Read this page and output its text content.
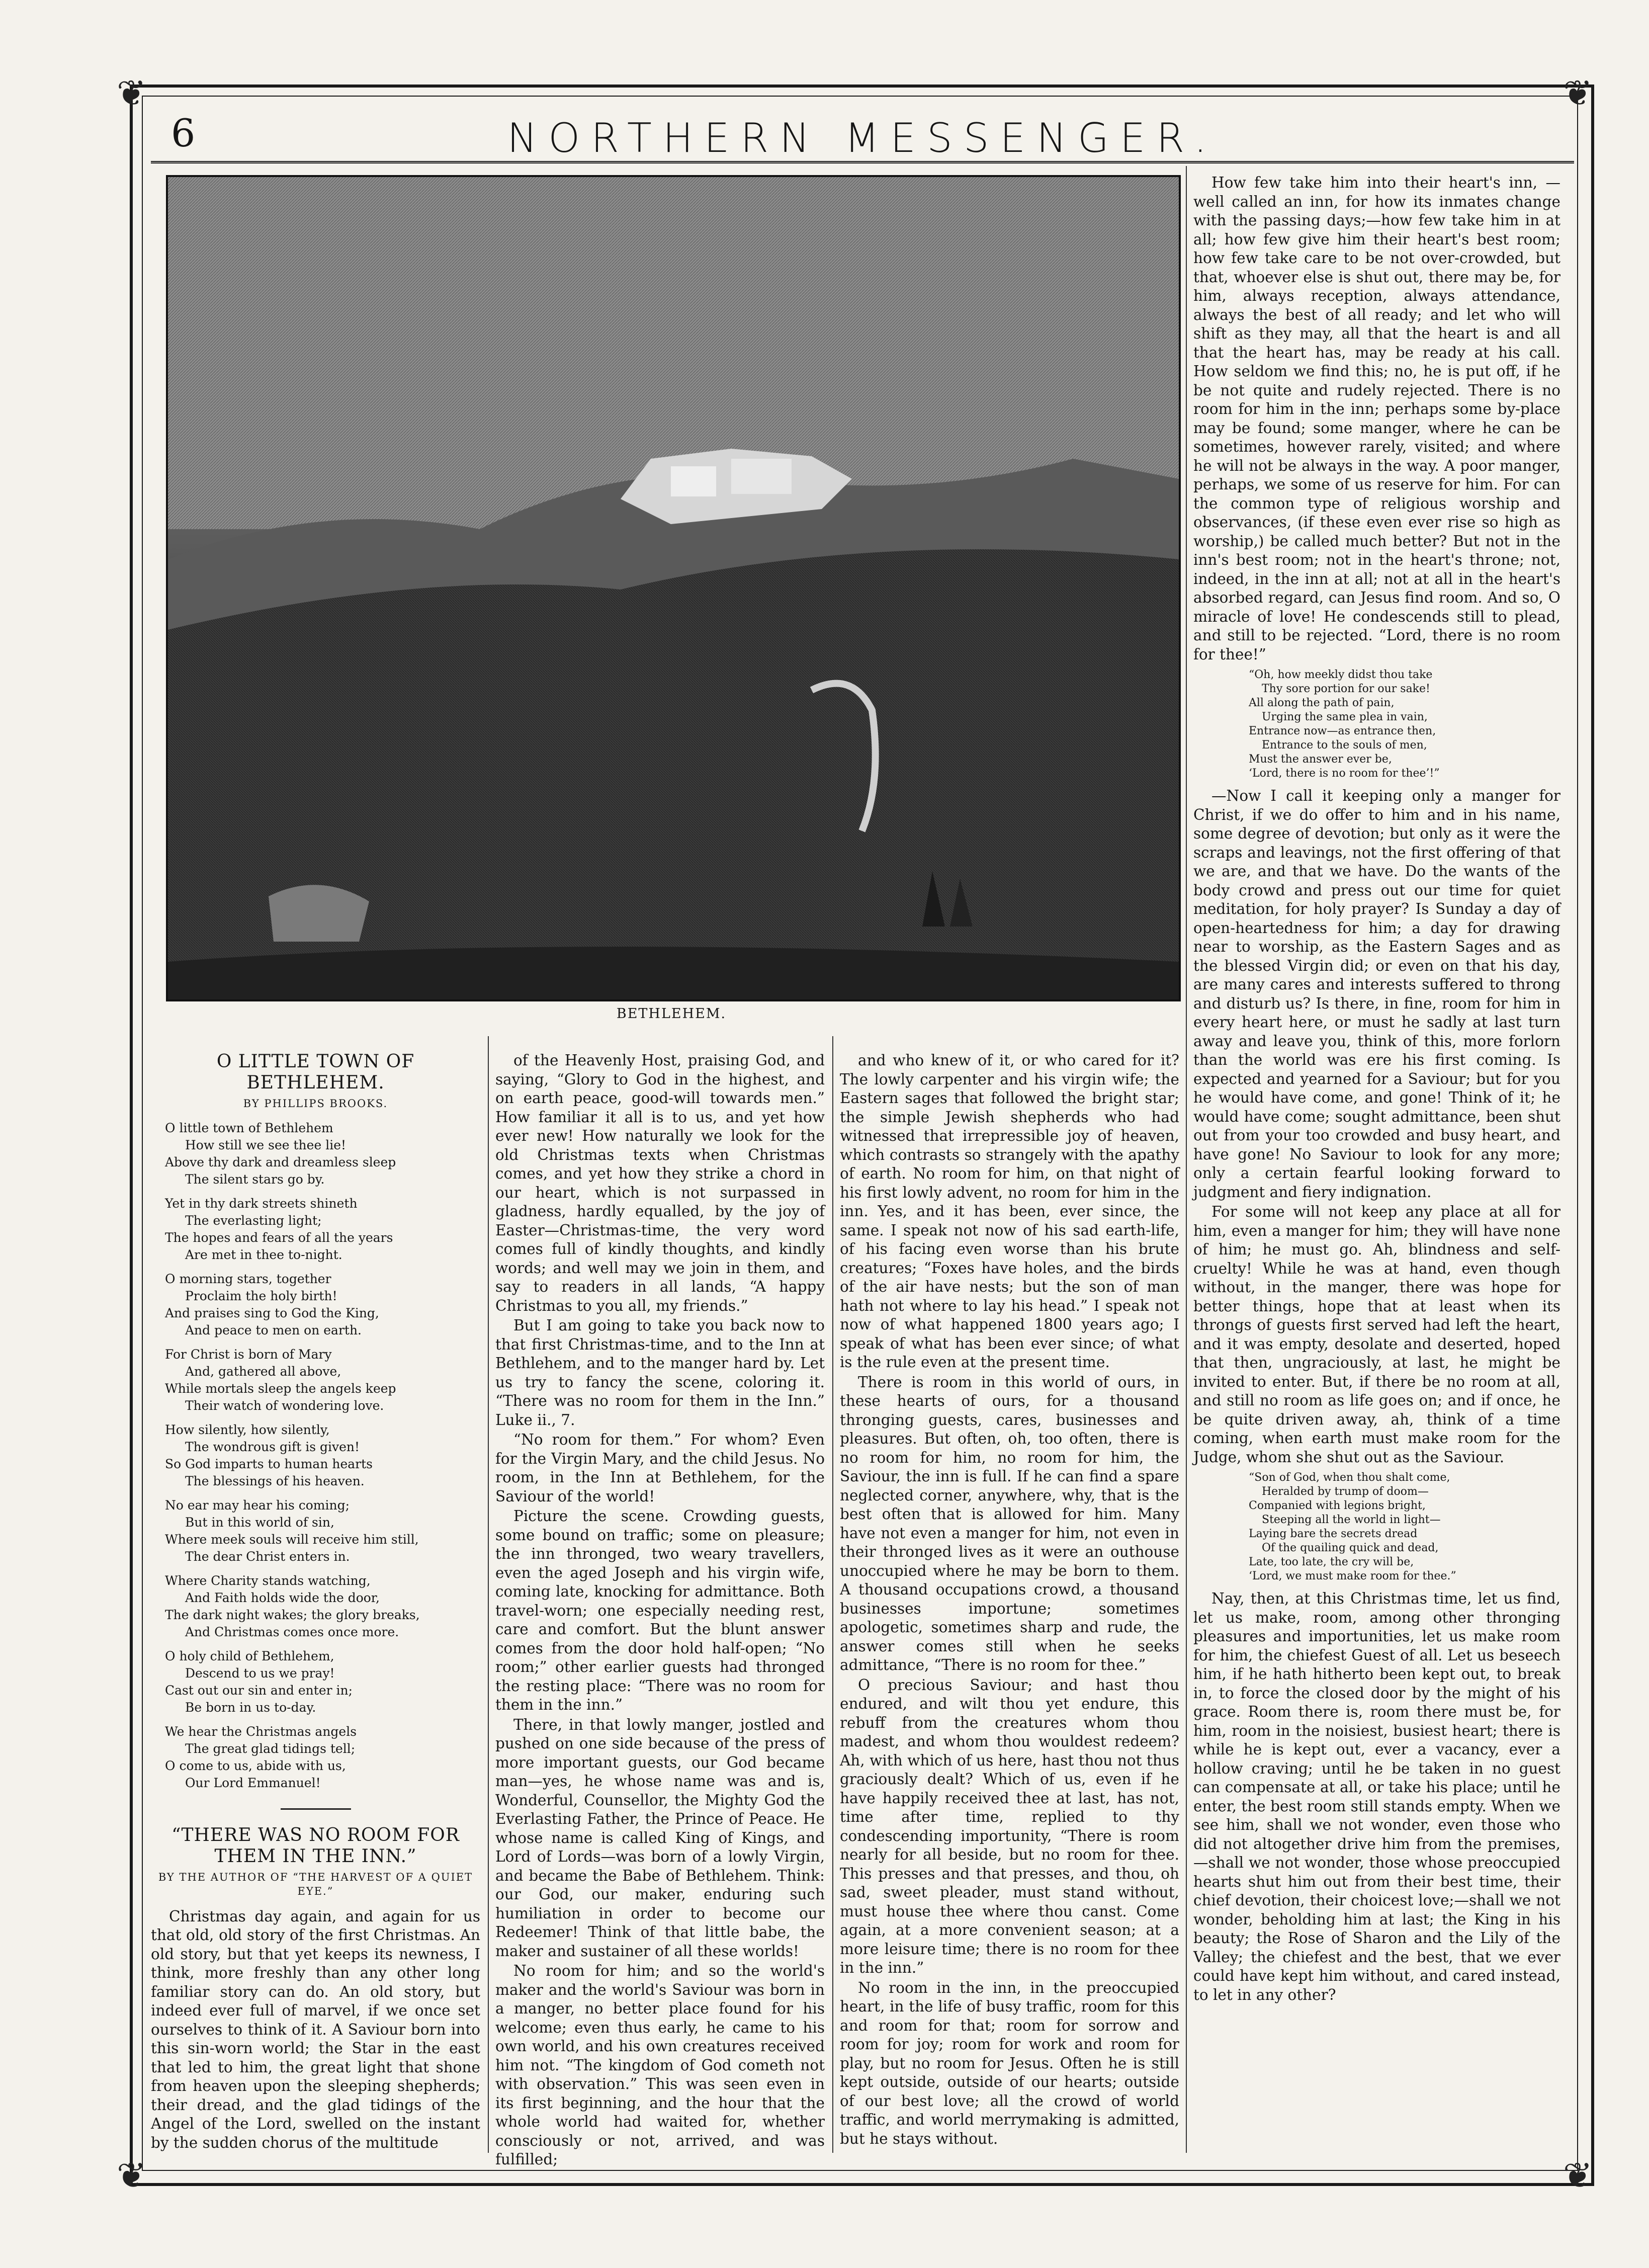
❦	❦
❦	❦
6	NORTHERN MESSENGER.
BETHLEHEM.
O LITTLE TOWN OF BETHLEHEM.
BY PHILLIPS BROOKS.
O little town of Bethlehem
How still we see thee lie!
Above thy dark and dreamless sleep
The silent stars go by.
Yet in thy dark streets shineth
The everlasting light;
The hopes and fears of all the years
Are met in thee to-night.
O morning stars, together
Proclaim the holy birth!
And praises sing to God the King,
And peace to men on earth.
For Christ is born of Mary
And, gathered all above,
While mortals sleep the angels keep
Their watch of wondering love.
How silently, how silently,
The wondrous gift is given!
So God imparts to human hearts
The blessings of his heaven.
No ear may hear his coming;
But in this world of sin,
Where meek souls will receive him still,
The dear Christ enters in.
Where Charity stands watching,
And Faith holds wide the door,
The dark night wakes; the glory breaks,
And Christmas comes once more.
O holy child of Bethlehem,
Descend to us we pray!
Cast out our sin and enter in;
Be born in us to-day.
We hear the Christmas angels
The great glad tidings tell;
O come to us, abide with us,
Our Lord Emmanuel!
“THERE WAS NO ROOM FOR THEM IN THE INN.”
BY THE AUTHOR OF “THE HARVEST OF A QUIET EYE.”

Christmas day again, and again for us that old, old story of the first Christmas. An old story, but that yet keeps its newness, I think, more freshly than any other long familiar story can do. An old story, but indeed ever full of marvel, if we once set ourselves to think of it. A Saviour born into this sin-worn world; the Star in the east that led to him, the great light that shone from heaven upon the sleeping shepherds; their dread, and the glad tidings of the Angel of the Lord, swelled on the instant by the sudden chorus of the multitude

of the Heavenly Host, praising God, and saying, “Glory to God in the highest, and on earth peace, good-will towards men.” How familiar it all is to us, and yet how ever new! How naturally we look for the old Christmas texts when Christmas comes, and yet how they strike a chord in our heart, which is not surpassed in gladness, hardly equalled, by the joy of Easter—Christmas-time, the very word comes full of kindly thoughts, and kindly words; and well may we join in them, and say to readers in all lands, “A happy Christmas to you all, my friends.”

But I am going to take you back now to that first Christmas-time, and to the Inn at Bethlehem, and to the manger hard by. Let us try to fancy the scene, coloring it. “There was no room for them in the Inn.” Luke ii., 7.

“No room for them.” For whom? Even for the Virgin Mary, and the child Jesus. No room, in the Inn at Bethlehem, for the Saviour of the world!

Picture the scene. Crowding guests, some bound on traffic; some on pleasure; the inn thronged, two weary travellers, even the aged Joseph and his virgin wife, coming late, knocking for admittance. Both travel-worn; one especially needing rest, care and comfort. But the blunt answer comes from the door hold half-open; “No room;” other earlier guests had thronged the resting place: “There was no room for them in the inn.”

There, in that lowly manger, jostled and pushed on one side because of the press of more important guests, our God became man—yes, he whose name was and is, Wonderful, Counsellor, the Mighty God the Everlasting Father, the Prince of Peace. He whose name is called King of Kings, and Lord of Lords—was born of a lowly Virgin, and became the Babe of Bethlehem. Think: our God, our maker, enduring such humiliation in order to become our Redeemer! Think of that little babe, the maker and sustainer of all these worlds!

No room for him; and so the world's maker and the world's Saviour was born in a manger, no better place found for his welcome; even thus early, he came to his own world, and his own creatures received him not. “The kingdom of God cometh not with observation.” This was seen even in its first beginning, and the hour that the whole world had waited for, whether consciously or not, arrived, and was fulfilled;

and who knew of it, or who cared for it? The lowly carpenter and his virgin wife; the Eastern sages that followed the bright star; the simple Jewish shepherds who had witnessed that irrepressible joy of heaven, which contrasts so strangely with the apathy of earth. No room for him, on that night of his first lowly advent, no room for him in the inn. Yes, and it has been, ever since, the same. I speak not now of his sad earth-life, of his facing even worse than his brute creatures; “Foxes have holes, and the birds of the air have nests; but the son of man hath not where to lay his head.” I speak not now of what happened 1800 years ago; I speak of what has been ever since; of what is the rule even at the present time.

There is room in this world of ours, in these hearts of ours, for a thousand thronging guests, cares, businesses and pleasures. But often, oh, too often, there is no room for him, no room for him, the Saviour, the inn is full. If he can find a spare neglected corner, anywhere, why, that is the best often that is allowed for him. Many have not even a manger for him, not even in their thronged lives as it were an outhouse unoccupied where he may be born to them. A thousand occupations crowd, a thousand businesses importune; sometimes apologetic, sometimes sharp and rude, the answer comes still when he seeks admittance, “There is no room for thee.”

O precious Saviour; and hast thou endured, and wilt thou yet endure, this rebuff from the creatures whom thou madest, and whom thou wouldest redeem? Ah, with which of us here, hast thou not thus graciously dealt? Which of us, even if he have happily received thee at last, has not, time after time, replied to thy condescending importunity, “There is room nearly for all beside, but no room for thee. This presses and that presses, and thou, oh sad, sweet pleader, must stand without, must house thee where thou canst. Come again, at a more convenient season; at a more leisure time; there is no room for thee in the inn.”

No room in the inn, in the preoccupied heart, in the life of busy traffic, room for this and room for that; room for sorrow and room for joy; room for work and room for play, but no room for Jesus. Often he is still kept outside, outside of our hearts; outside of our best love; all the crowd of world traffic, and world merrymaking is admitted, but he stays without.

How few take him into their heart's inn, —well called an inn, for how its inmates change with the passing days;—how few take him in at all; how few give him their heart's best room; how few take care to be not over-crowded, but that, whoever else is shut out, there may be, for him, always reception, always attendance, always the best of all ready; and let who will shift as they may, all that the heart is and all that the heart has, may be ready at his call. How seldom we find this; no, he is put off, if he be not quite and rudely rejected. There is no room for him in the inn; perhaps some by-place may be found; some manger, where he can be sometimes, however rarely, visited; and where he will not be always in the way. A poor manger, perhaps, we some of us reserve for him. For can the common type of religious worship and observances, (if these even ever rise so high as worship,) be called much better? But not in the inn's best room; not in the heart's throne; not, indeed, in the inn at all; not at all in the heart's absorbed regard, can Jesus find room. And so, O miracle of love! He condescends still to plead, and still to be rejected. “Lord, there is no room for thee!”

“Oh, how meekly didst thou take
Thy sore portion for our sake!
All along the path of pain,
Urging the same plea in vain,
Entrance now—as entrance then,
Entrance to the souls of men,
Must the answer ever be,
‘Lord, there is no room for thee’!”

—Now I call it keeping only a manger for Christ, if we do offer to him and in his name, some degree of devotion; but only as it were the scraps and leavings, not the first offering of that we are, and that we have. Do the wants of the body crowd and press out our time for quiet meditation, for holy prayer? Is Sunday a day of open-heartedness for him; a day for drawing near to worship, as the Eastern Sages and as the blessed Virgin did; or even on that his day, are many cares and interests suffered to throng and disturb us? Is there, in fine, room for him in every heart here, or must he sadly at last turn away and leave you, think of this, more forlorn than the world was ere his first coming. Is expected and yearned for a Saviour; but for you he would have come, and gone! Think of it; he would have come; sought admittance, been shut out from your too crowded and busy heart, and have gone! No Saviour to look for any more; only a certain fearful looking forward to judgment and fiery indignation.

For some will not keep any place at all for him, even a manger for him; they will have none of him; he must go. Ah, blindness and self-cruelty! While he was at hand, even though without, in the manger, there was hope for better things, hope that at least when its throngs of guests first served had left the heart, and it was empty, desolate and deserted, hoped that then, ungraciously, at last, he might be invited to enter. But, if there be no room at all, and still no room as life goes on; and if once, he be quite driven away, ah, think of a time coming, when earth must make room for the Judge, whom she shut out as the Saviour.

“Son of God, when thou shalt come,
Heralded by trump of doom—
Companied with legions bright,
Steeping all the world in light—
Laying bare the secrets dread
Of the quailing quick and dead,
Late, too late, the cry will be,
‘Lord, we must make room for thee.”

Nay, then, at this Christmas time, let us find, let us make, room, among other thronging pleasures and importunities, let us make room for him, the chiefest Guest of all. Let us beseech him, if he hath hitherto been kept out, to break in, to force the closed door by the might of his grace. Room there is, room there must be, for him, room in the noisiest, busiest heart; there is while he is kept out, ever a vacancy, ever a hollow craving; until he be taken in no guest can compensate at all, or take his place; until he enter, the best room still stands empty. When we see him, shall we not wonder, even those who did not altogether drive him from the premises,—shall we not wonder, those whose preoccupied hearts shut him out from their best time, their chief devotion, their choicest love;—shall we not wonder, beholding him at last; the King in his beauty; the Rose of Sharon and the Lily of the Valley; the chiefest and the best, that we ever could have kept him without, and cared instead, to let in any other?
